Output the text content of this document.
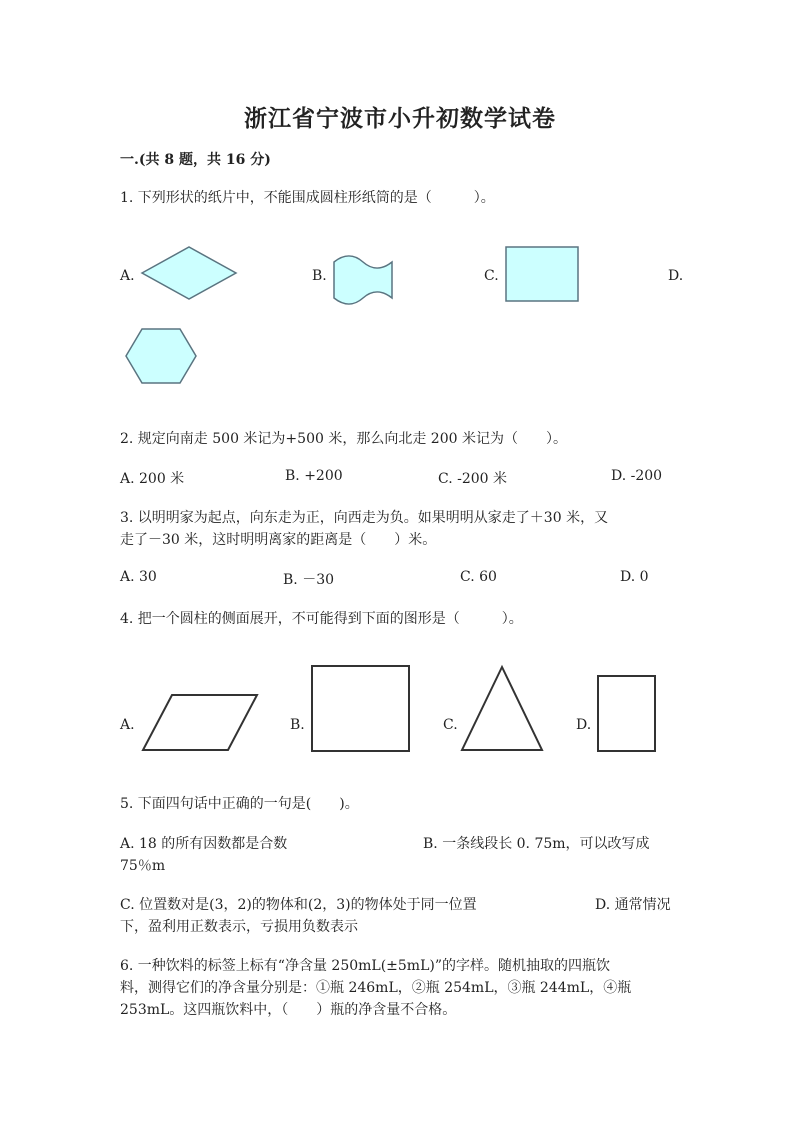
浙江省宁波市小升初数学试卷
一.(共 8 题，共 16 分)
1. 下列形状的纸片中，不能围成圆柱形纸筒的是（　　　）。
A.	B.	C.	D.
2. 规定向南走 500 米记为+500 米，那么向北走 200 米记为（　　）。
A. 200 米	B. +200	C. -200 米	D. -200
3. 以明明家为起点，向东走为正，向西走为负。如果明明从家走了＋30 米，又
走了－30 米，这时明明离家的距离是（　　）米。
A. 30	B. －30	C. 60	D. 0
4. 把一个圆柱的侧面展开，不可能得到下面的图形是（　　　）。
A.	B.	C.	D.
5. 下面四句话中正确的一句是(　　)。
A. 18 的所有因数都是合数	B. 一条线段长 0. 75m，可以改写成
75％m
C. 位置数对是(3，2)的物体和(2，3)的物体处于同一位置	D. 通常情况
下，盈利用正数表示，亏损用负数表示
6. 一种饮料的标签上标有“净含量 250mL(±5mL)”的字样。随机抽取的四瓶饮
料，测得它们的净含量分别是：①瓶 246mL，②瓶 254mL，③瓶 244mL，④瓶
253mL。这四瓶饮料中，（　　）瓶的净含量不合格。
